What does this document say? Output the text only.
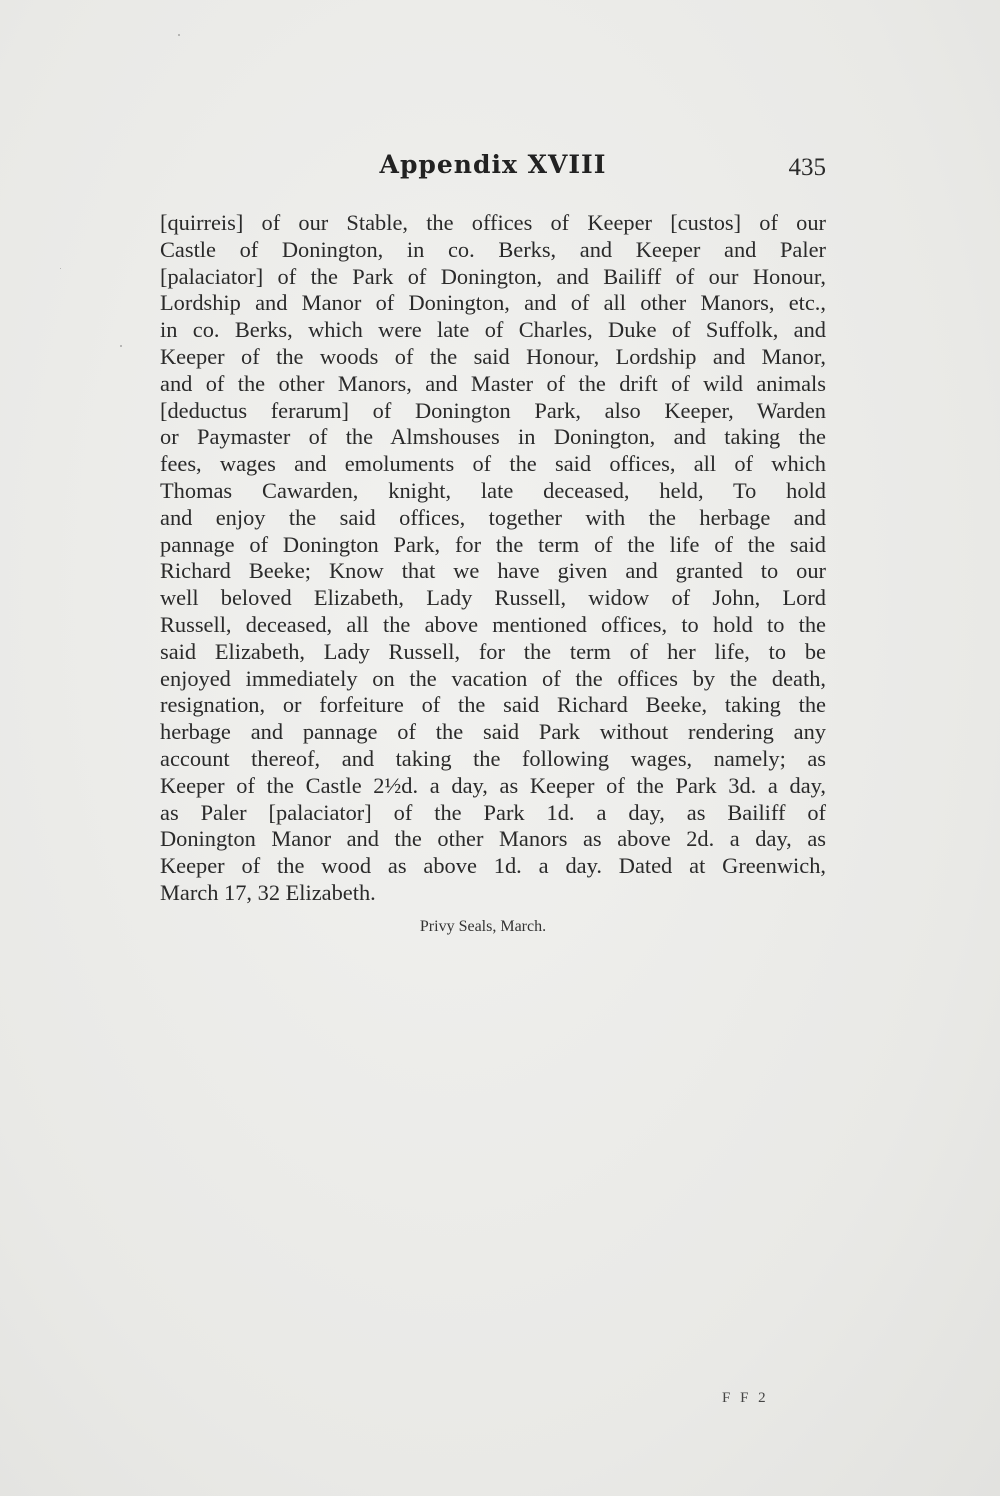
Appendix XVIII	435
[quirreis] of our Stable, the offices of Keeper [custos] of our
Castle of Donington, in co. Berks, and Keeper and Paler
[palaciator] of the Park of Donington, and Bailiff of our Honour,
Lordship and Manor of Donington, and of all other Manors, etc.,
in co. Berks, which were late of Charles, Duke of Suffolk, and
Keeper of the woods of the said Honour, Lordship and Manor,
and of the other Manors, and Master of the drift of wild animals
[deductus ferarum] of Donington Park, also Keeper, Warden
or Paymaster of the Almshouses in Donington, and taking the
fees, wages and emoluments of the said offices, all of which
Thomas Cawarden, knight, late deceased, held, To hold
and enjoy the said offices, together with the herbage and
pannage of Donington Park, for the term of the life of the said
Richard Beeke; Know that we have given and granted to our
well beloved Elizabeth, Lady Russell, widow of John, Lord
Russell, deceased, all the above mentioned offices, to hold to the
said Elizabeth, Lady Russell, for the term of her life, to be
enjoyed immediately on the vacation of the offices by the death,
resignation, or forfeiture of the said Richard Beeke, taking the
herbage and pannage of the said Park without rendering any
account thereof, and taking the following wages, namely; as
Keeper of the Castle 2½d. a day, as Keeper of the Park 3d. a day,
as Paler [palaciator] of the Park 1d. a day, as Bailiff of
Donington Manor and the other Manors as above 2d. a day, as
Keeper of the wood as above 1d. a day. Dated at Greenwich,
March 17, 32 Elizabeth.
Privy Seals, March.
F F 2
